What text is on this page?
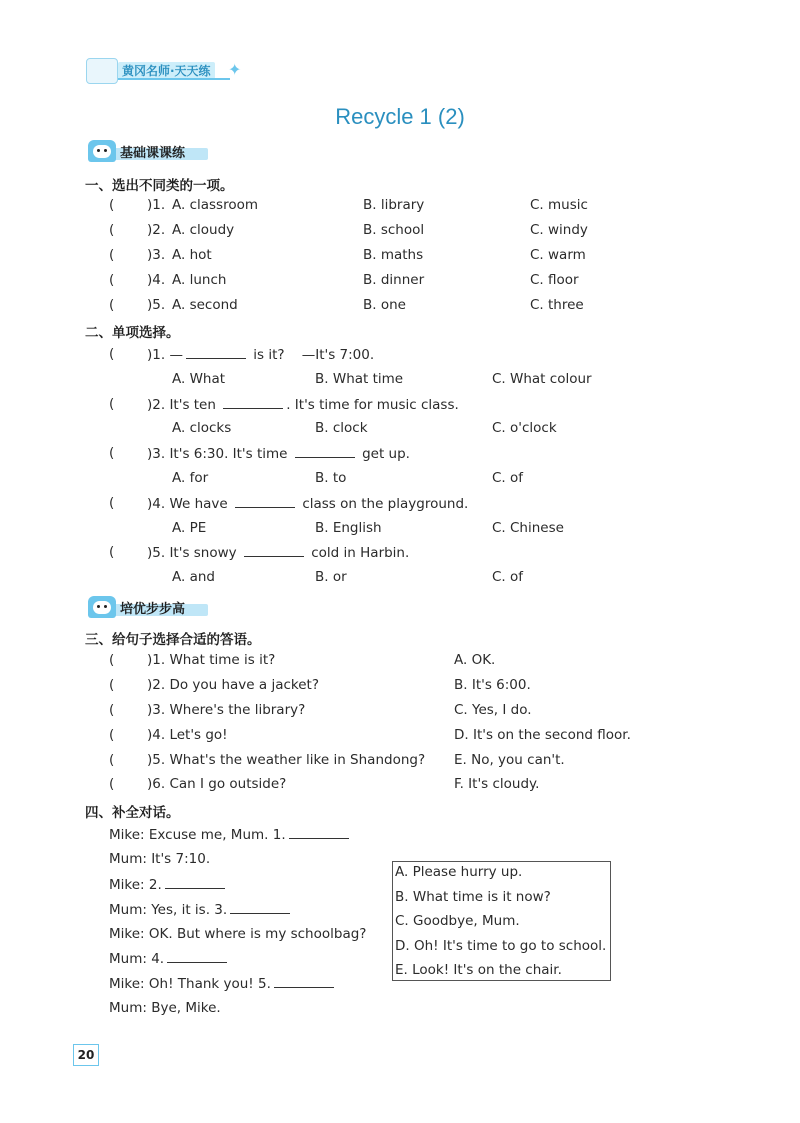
黄冈名师·天天练 ✦
Recycle 1 (2)
基础课课练
一、选出不同类的一项。
( )1. A. classroom	B. library	C. music
( )2. A. cloudy	B. school	C. windy
( )3. A. hot	B. maths	C. warm
( )4. A. lunch	B. dinner	C. floor
( )5. A. second	B. one	C. three
二、单项选择。
( )1. —	is it? —It's 7:00.
A. What	B. What time	C. What colour
( )2. It's ten	. It's time for music class.
A. clocks	B. clock	C. o'clock
( )3. It's 6:30. It's time	get up.
A. for	B. to	C. of
( )4. We have	class on the playground.
A. PE	B. English	C. Chinese
( )5. It's snowy	cold in Harbin.
A. and	B. or	C. of
培优步步高
三、给句子选择合适的答语。
( )1. What time is it?	A. OK.
( )2. Do you have a jacket?	B. It's 6:00.
( )3. Where's the library?	C. Yes, I do.
( )4. Let's go!	D. It's on the second floor.
( )5. What's the weather like in Shandong? E. No, you can't.
( )6. Can I go outside?	F. It's cloudy.
四、补全对话。
Mike: Excuse me, Mum. 1.
Mum: It's 7:10.
Mike: 2.
Mum: Yes, it is. 3.
Mike: OK. But where is my schoolbag?
Mum: 4.
Mike: Oh! Thank you! 5.
Mum: Bye, Mike.
A. Please hurry up.
B. What time is it now?
C. Goodbye, Mum.
D. Oh! It's time to go to school.
E. Look! It's on the chair.
20
